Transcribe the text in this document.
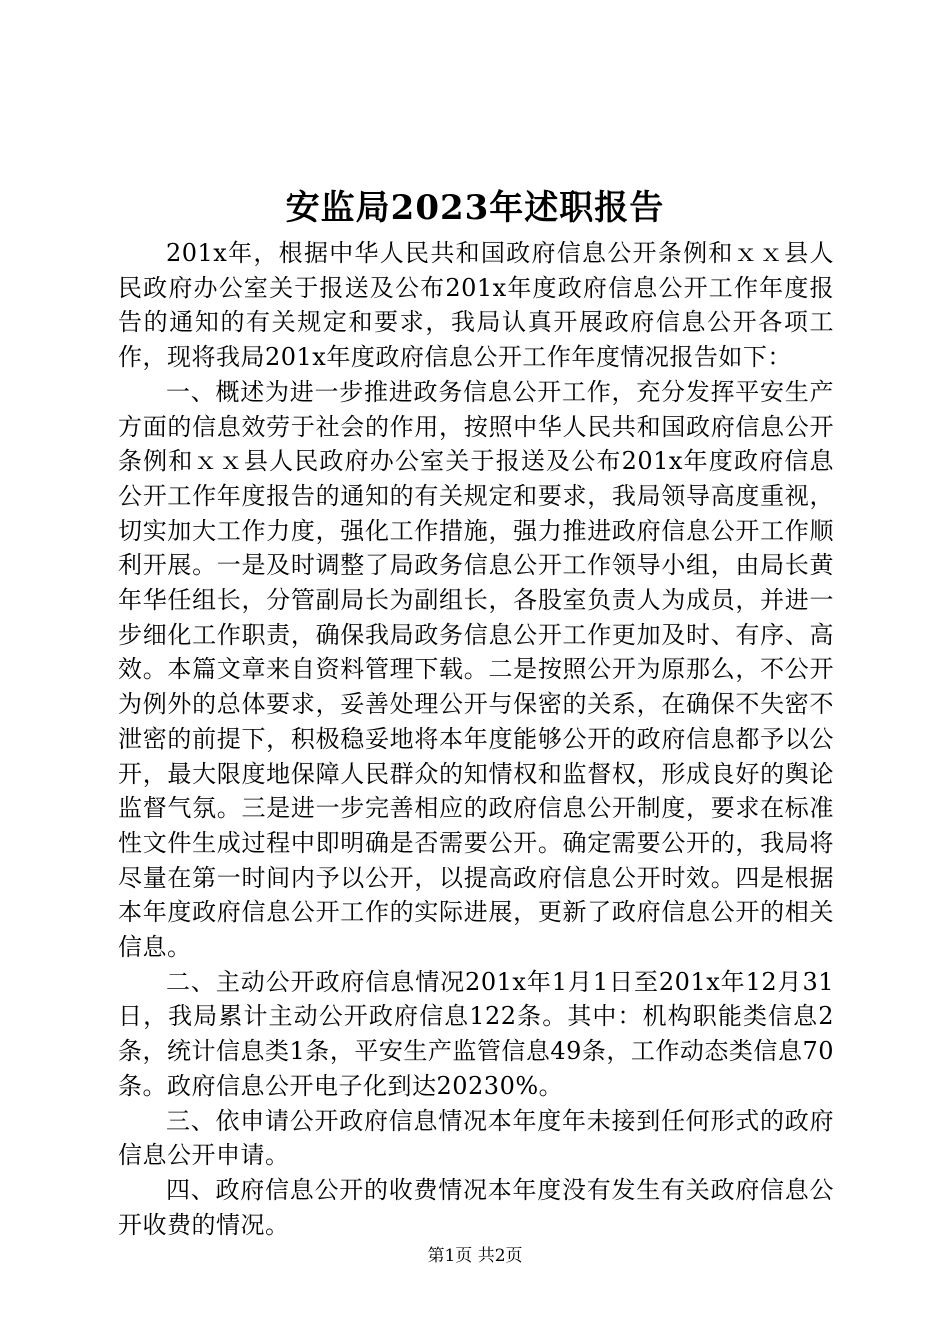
安监局2023年述职报告

201x年，根据中华人民共和国政府信息公开条例和ｘｘ县人民政府办公室关于报送及公布201x年度政府信息公开工作年度报告的通知的有关规定和要求，我局认真开展政府信息公开各项工作，现将我局201x年度政府信息公开工作年度情况报告如下：

一、概述为进一步推进政务信息公开工作，充分发挥平安生产方面的信息效劳于社会的作用，按照中华人民共和国政府信息公开条例和ｘｘ县人民政府办公室关于报送及公布201x年度政府信息公开工作年度报告的通知的有关规定和要求，我局领导高度重视，切实加大工作力度，强化工作措施，强力推进政府信息公开工作顺利开展。一是及时调整了局政务信息公开工作领导小组，由局长黄年华任组长，分管副局长为副组长，各股室负责人为成员，并进一步细化工作职责，确保我局政务信息公开工作更加及时、有序、高效。本篇文章来自资料管理下载。二是按照公开为原那么，不公开为例外的总体要求，妥善处理公开与保密的关系，在确保不失密不泄密的前提下，积极稳妥地将本年度能够公开的政府信息都予以公开，最大限度地保障人民群众的知情权和监督权，形成良好的舆论监督气氛。三是进一步完善相应的政府信息公开制度，要求在标准性文件生成过程中即明确是否需要公开。确定需要公开的，我局将尽量在第一时间内予以公开，以提高政府信息公开时效。四是根据本年度政府信息公开工作的实际进展，更新了政府信息公开的相关信息。

二、主动公开政府信息情况201x年1月1日至201x年12月31日，我局累计主动公开政府信息122条。其中：机构职能类信息2条，统计信息类1条，平安生产监管信息49条，工作动态类信息70条。政府信息公开电子化到达20230%。

三、依申请公开政府信息情况本年度年未接到任何形式的政府信息公开申请。

四、政府信息公开的收费情况本年度没有发生有关政府信息公开收费的情况。

第1页 共2页
